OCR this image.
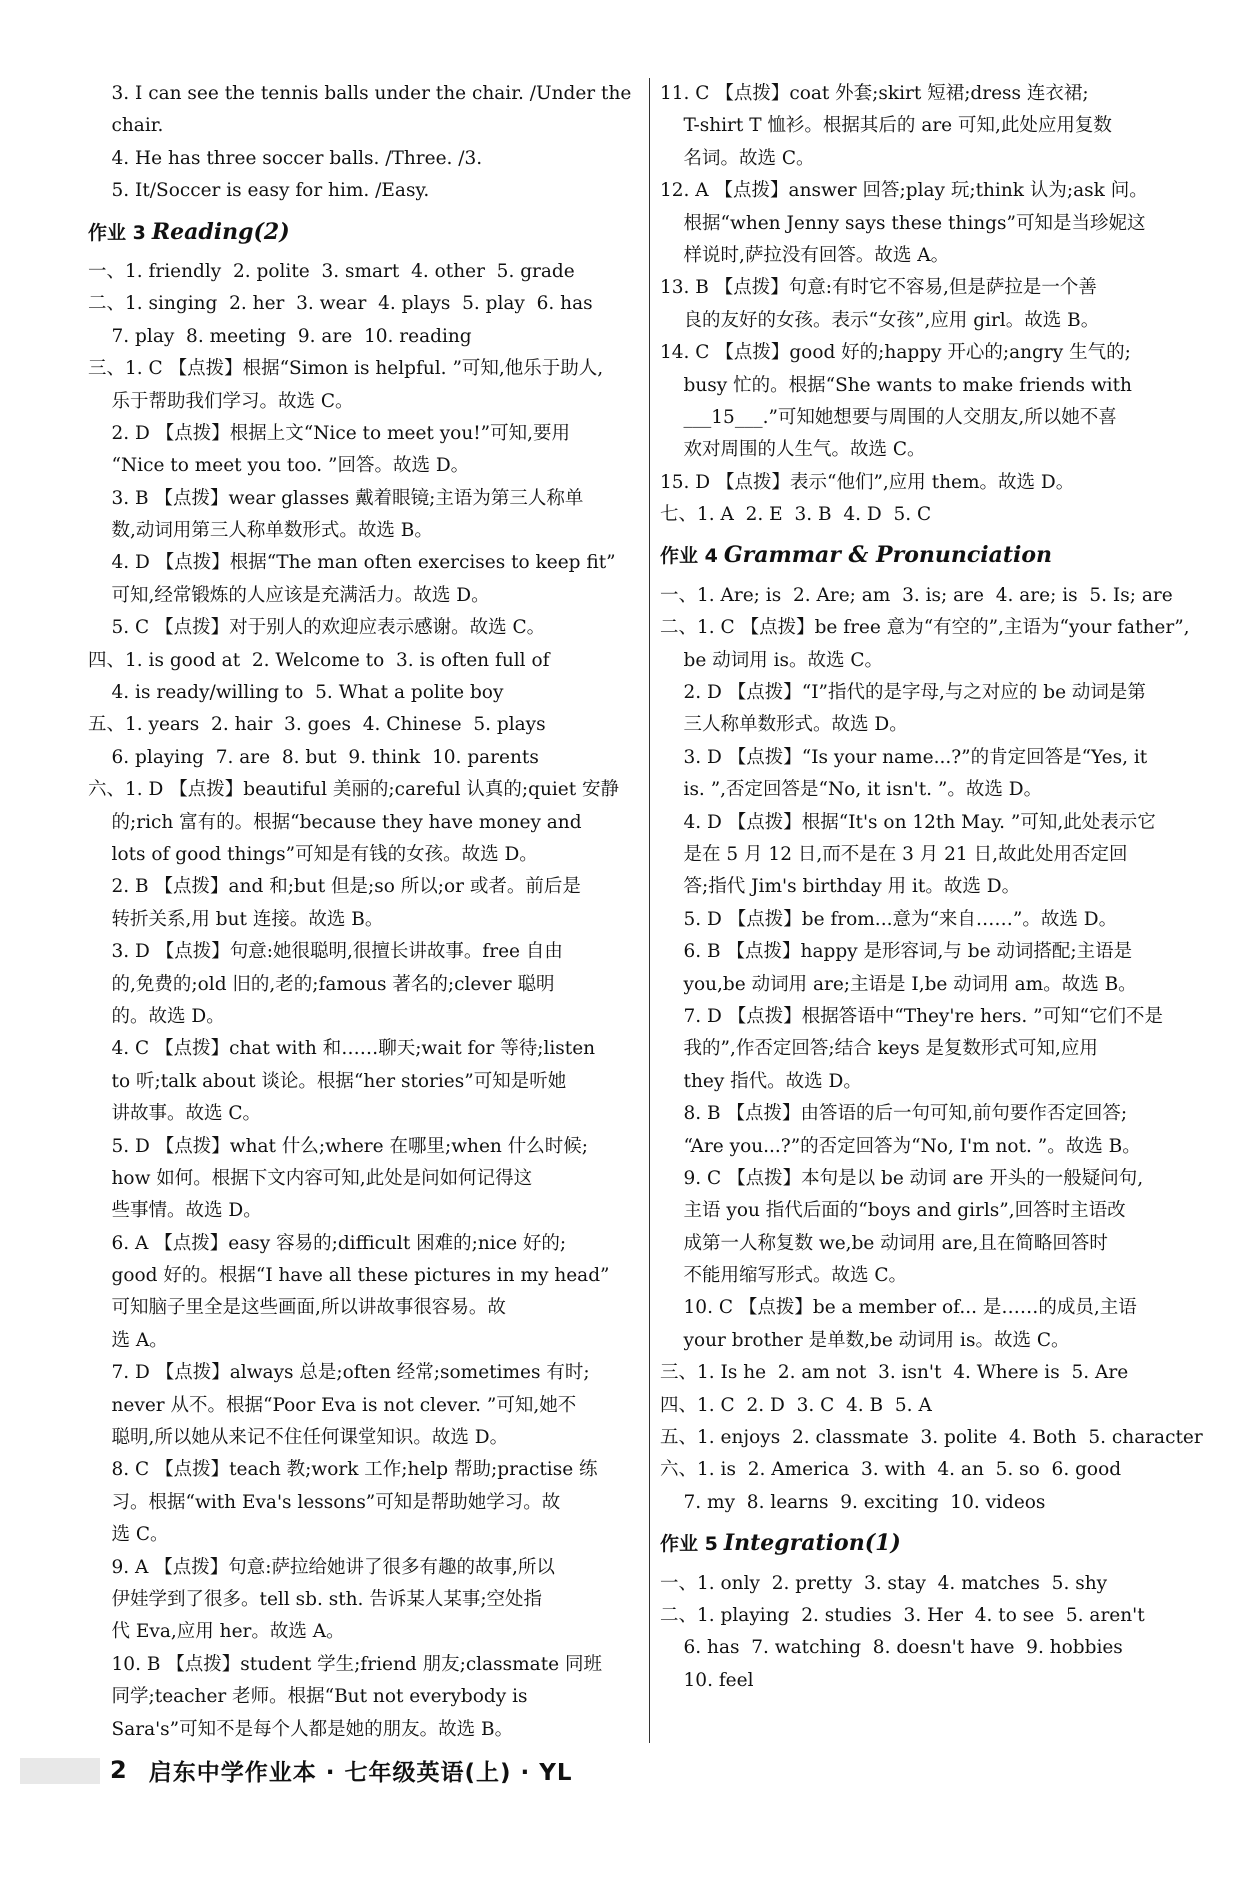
3. I can see the tennis balls under the chair. /Under the
chair.
4. He has three soccer balls. /Three. /3.
5. It/Soccer is easy for him. /Easy.
作业 3 Reading(2)
一、1. friendly  2. polite  3. smart  4. other  5. grade
二、1. singing  2. her  3. wear  4. plays  5. play  6. has
7. play  8. meeting  9. are  10. reading
三、1. C 【点拨】根据“Simon is helpful. ”可知,他乐于助人,
乐于帮助我们学习。故选 C。
2. D 【点拨】根据上文“Nice to meet you!”可知,要用
“Nice to meet you too. ”回答。故选 D。
3. B 【点拨】wear glasses 戴着眼镜;主语为第三人称单
数,动词用第三人称单数形式。故选 B。
4. D 【点拨】根据“The man often exercises to keep fit”
可知,经常锻炼的人应该是充满活力。故选 D。
5. C 【点拨】对于别人的欢迎应表示感谢。故选 C。
四、1. is good at  2. Welcome to  3. is often full of
4. is ready/willing to  5. What a polite boy
五、1. years  2. hair  3. goes  4. Chinese  5. plays
6. playing  7. are  8. but  9. think  10. parents
六、1. D 【点拨】beautiful 美丽的;careful 认真的;quiet 安静
的;rich 富有的。根据“because they have money and
lots of good things”可知是有钱的女孩。故选 D。
2. B 【点拨】and 和;but 但是;so 所以;or 或者。前后是
转折关系,用 but 连接。故选 B。
3. D 【点拨】句意:她很聪明,很擅长讲故事。free 自由
的,免费的;old 旧的,老的;famous 著名的;clever 聪明
的。故选 D。
4. C 【点拨】chat with 和……聊天;wait for 等待;listen
to 听;talk about 谈论。根据“her stories”可知是听她
讲故事。故选 C。
5. D 【点拨】what 什么;where 在哪里;when 什么时候;
how 如何。根据下文内容可知,此处是问如何记得这
些事情。故选 D。
6. A 【点拨】easy 容易的;difficult 困难的;nice 好的;
good 好的。根据“I have all these pictures in my head”
可知脑子里全是这些画面,所以讲故事很容易。故
选 A。
7. D 【点拨】always 总是;often 经常;sometimes 有时;
never 从不。根据“Poor Eva is not clever. ”可知,她不
聪明,所以她从来记不住任何课堂知识。故选 D。
8. C 【点拨】teach 教;work 工作;help 帮助;practise 练
习。根据“with Eva's lessons”可知是帮助她学习。故
选 C。
9. A 【点拨】句意:萨拉给她讲了很多有趣的故事,所以
伊娃学到了很多。tell sb. sth. 告诉某人某事;空处指
代 Eva,应用 her。故选 A。
10. B 【点拨】student 学生;friend 朋友;classmate 同班
同学;teacher 老师。根据“But not everybody is
Sara's”可知不是每个人都是她的朋友。故选 B。
11. C 【点拨】coat 外套;skirt 短裙;dress 连衣裙;
T-shirt T 恤衫。根据其后的 are 可知,此处应用复数
名词。故选 C。
12. A 【点拨】answer 回答;play 玩;think 认为;ask 问。
根据“when Jenny says these things”可知是当珍妮这
样说时,萨拉没有回答。故选 A。
13. B 【点拨】句意:有时它不容易,但是萨拉是一个善
良的友好的女孩。表示“女孩”,应用 girl。故选 B。
14. C 【点拨】good 好的;happy 开心的;angry 生气的;
busy 忙的。根据“She wants to make friends with
___15___.”可知她想要与周围的人交朋友,所以她不喜
欢对周围的人生气。故选 C。
15. D 【点拨】表示“他们”,应用 them。故选 D。
七、1. A  2. E  3. B  4. D  5. C
作业 4 Grammar & Pronunciation
一、1. Are; is  2. Are; am  3. is; are  4. are; is  5. Is; are
二、1. C 【点拨】be free 意为“有空的”,主语为“your father”,
be 动词用 is。故选 C。
2. D 【点拨】“I”指代的是字母,与之对应的 be 动词是第
三人称单数形式。故选 D。
3. D 【点拨】“Is your name...?”的肯定回答是“Yes, it
is. ”,否定回答是“No, it isn't. ”。故选 D。
4. D 【点拨】根据“It's on 12th May. ”可知,此处表示它
是在 5 月 12 日,而不是在 3 月 21 日,故此处用否定回
答;指代 Jim's birthday 用 it。故选 D。
5. D 【点拨】be from...意为“来自……”。故选 D。
6. B 【点拨】happy 是形容词,与 be 动词搭配;主语是
you,be 动词用 are;主语是 I,be 动词用 am。故选 B。
7. D 【点拨】根据答语中“They're hers. ”可知“它们不是
我的”,作否定回答;结合 keys 是复数形式可知,应用
they 指代。故选 D。
8. B 【点拨】由答语的后一句可知,前句要作否定回答;
“Are you...?”的否定回答为“No, I'm not. ”。故选 B。
9. C 【点拨】本句是以 be 动词 are 开头的一般疑问句,
主语 you 指代后面的“boys and girls”,回答时主语改
成第一人称复数 we,be 动词用 are,且在简略回答时
不能用缩写形式。故选 C。
10. C 【点拨】be a member of... 是……的成员,主语
your brother 是单数,be 动词用 is。故选 C。
三、1. Is he  2. am not  3. isn't  4. Where is  5. Are
四、1. C  2. D  3. C  4. B  5. A
五、1. enjoys  2. classmate  3. polite  4. Both  5. character
六、1. is  2. America  3. with  4. an  5. so  6. good
7. my  8. learns  9. exciting  10. videos
作业 5 Integration(1)
一、1. only  2. pretty  3. stay  4. matches  5. shy
二、1. playing  2. studies  3. Her  4. to see  5. aren't
6. has  7. watching  8. doesn't have  9. hobbies
10. feel
2 启东中学作业本 · 七年级英语(上) · YL
